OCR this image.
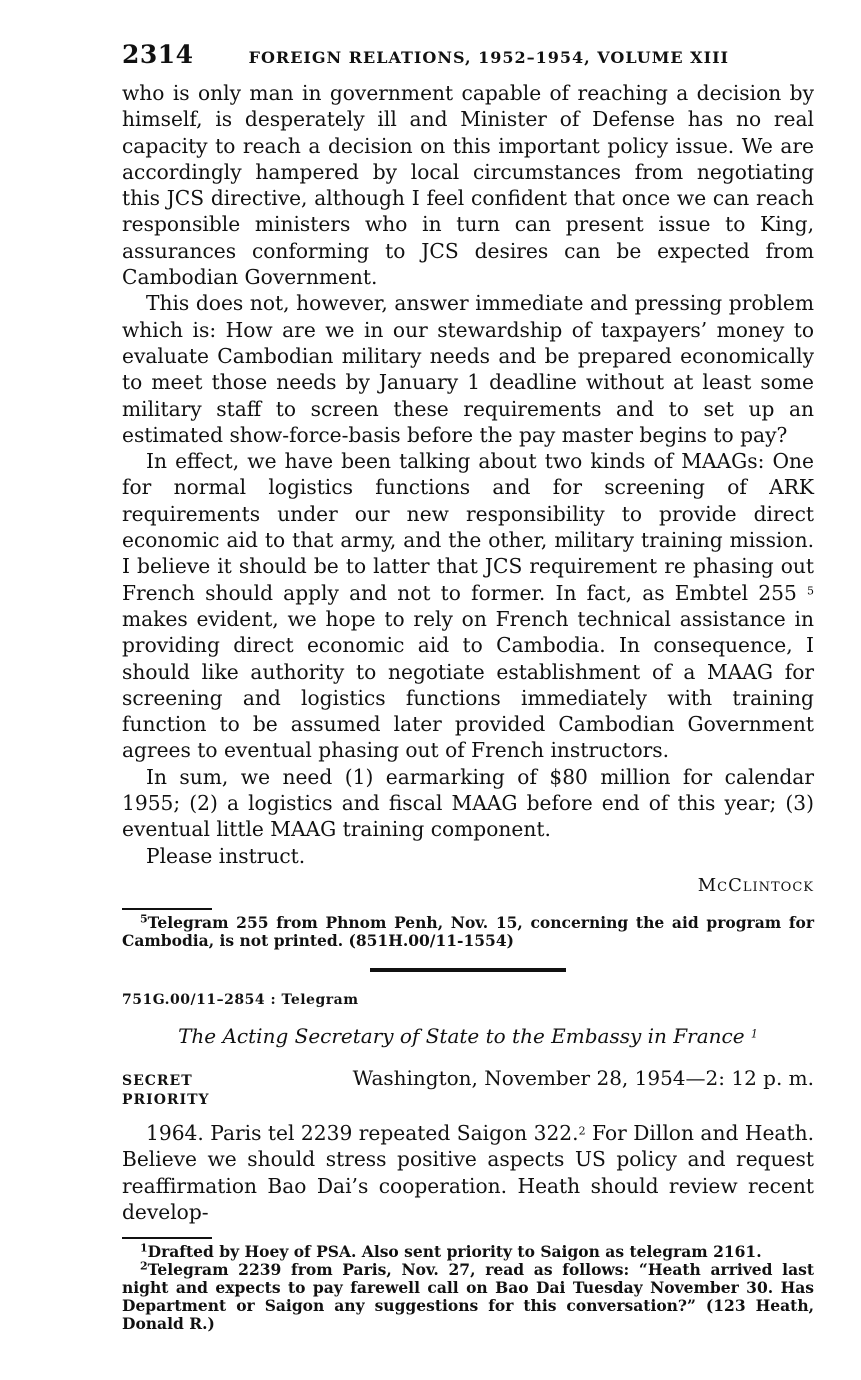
2314	FOREIGN RELATIONS, 1952–1954, VOLUME XIII

who is only man in government capable of reaching a decision by himself, is desperately ill and Minister of Defense has no real capacity to reach a decision on this important policy issue. We are accordingly hampered by local circumstances from negotiating this JCS directive, although I feel confident that once we can reach responsible ministers who in turn can present issue to King, assurances conforming to JCS desires can be expected from Cambodian Government.

This does not, however, answer immediate and pressing problem which is: How are we in our stewardship of taxpayers’ money to evaluate Cambodian military needs and be prepared economically to meet those needs by January 1 deadline without at least some military staff to screen these requirements and to set up an estimated show-force-basis before the pay master begins to pay?

In effect, we have been talking about two kinds of MAAGs: One for normal logistics functions and for screening of ARK requirements under our new responsibility to provide direct economic aid to that army, and the other, military training mission. I believe it should be to latter that JCS requirement re phasing out French should apply and not to former. In fact, as Embtel 255 $^5$ makes evident, we hope to rely on French technical assistance in providing direct economic aid to Cambodia. In consequence, I should like authority to negotiate establishment of a MAAG for screening and logistics functions immediately with training function to be assumed later provided Cambodian Government agrees to eventual phasing out of French instructors.

In sum, we need (1) earmarking of $80 million for calendar 1955; (2) a logistics and fiscal MAAG before end of this year; (3) eventual little MAAG training component.

Please instruct.

McClintock

$^5$Telegram 255 from Phnom Penh, Nov. 15, concerning the aid program for Cambodia, is not printed. (851H.00/11-1554)

751G.00/11–2854 : Telegram

The Acting Secretary of State to the Embassy in France $^1$

SECRET	Washington, November 28, 1954—2: 12 p. m.
PRIORITY

1964. Paris tel 2239 repeated Saigon 322.$^2$ For Dillon and Heath. Believe we should stress positive aspects US policy and request reaffirmation Bao Dai’s cooperation. Heath should review recent develop-

$^1$Drafted by Hoey of PSA. Also sent priority to Saigon as telegram 2161.

$^2$Telegram 2239 from Paris, Nov. 27, read as follows: “Heath arrived last night and expects to pay farewell call on Bao Dai Tuesday November 30. Has Department or Saigon any suggestions for this conversation?” (123 Heath, Donald R.)
